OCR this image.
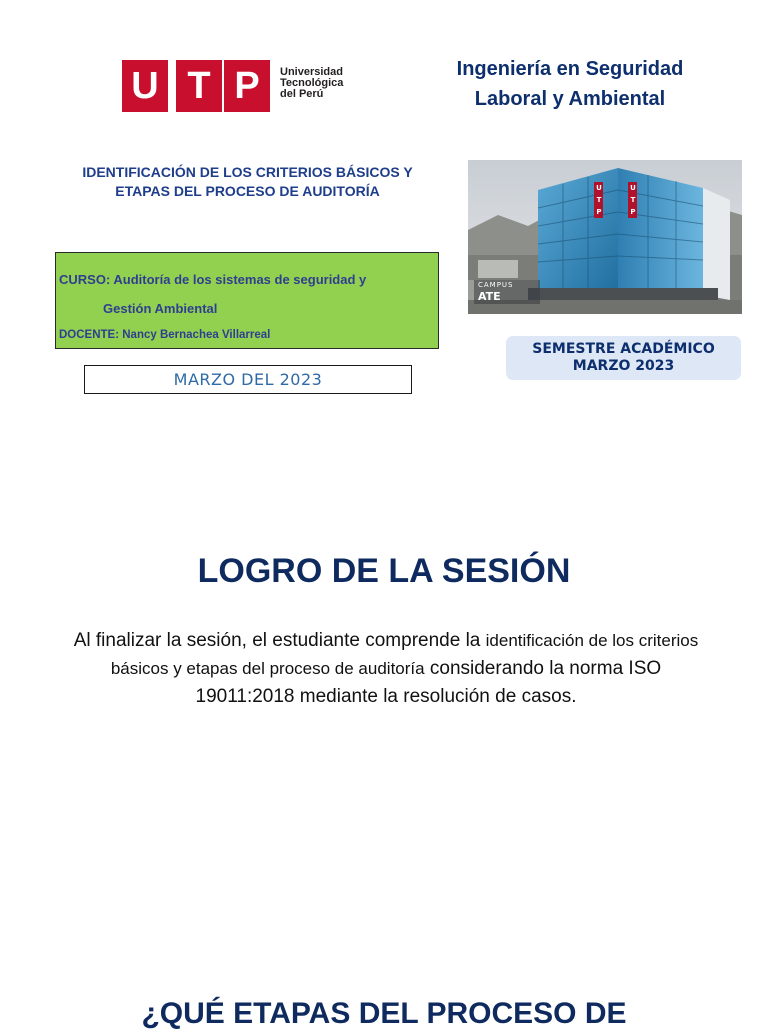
U T P	Universidad
Tecnológica
del Perú
Ingeniería en Seguridad
Laboral y Ambiental
IDENTIFICACIÓN DE LOS CRITERIOS BÁSICOS Y
ETAPAS DEL PROCESO DE AUDITORÍA	UTP
UTP
CAMPUS
ATE
CURSO: Auditoría de los sistemas de seguridad y
Gestión Ambiental
DOCENTE: Nancy Bernachea Villarreal
MARZO DEL 2023
SEMESTRE ACADÉMICO
MARZO 2023
LOGRO DE LA SESIÓN
Al finalizar la sesión, el estudiante comprende la identificación de los criterios básicos y etapas del proceso de auditoría considerando la norma ISO 19011:2018 mediante la resolución de casos.
¿QUÉ ETAPAS DEL PROCESO DE
